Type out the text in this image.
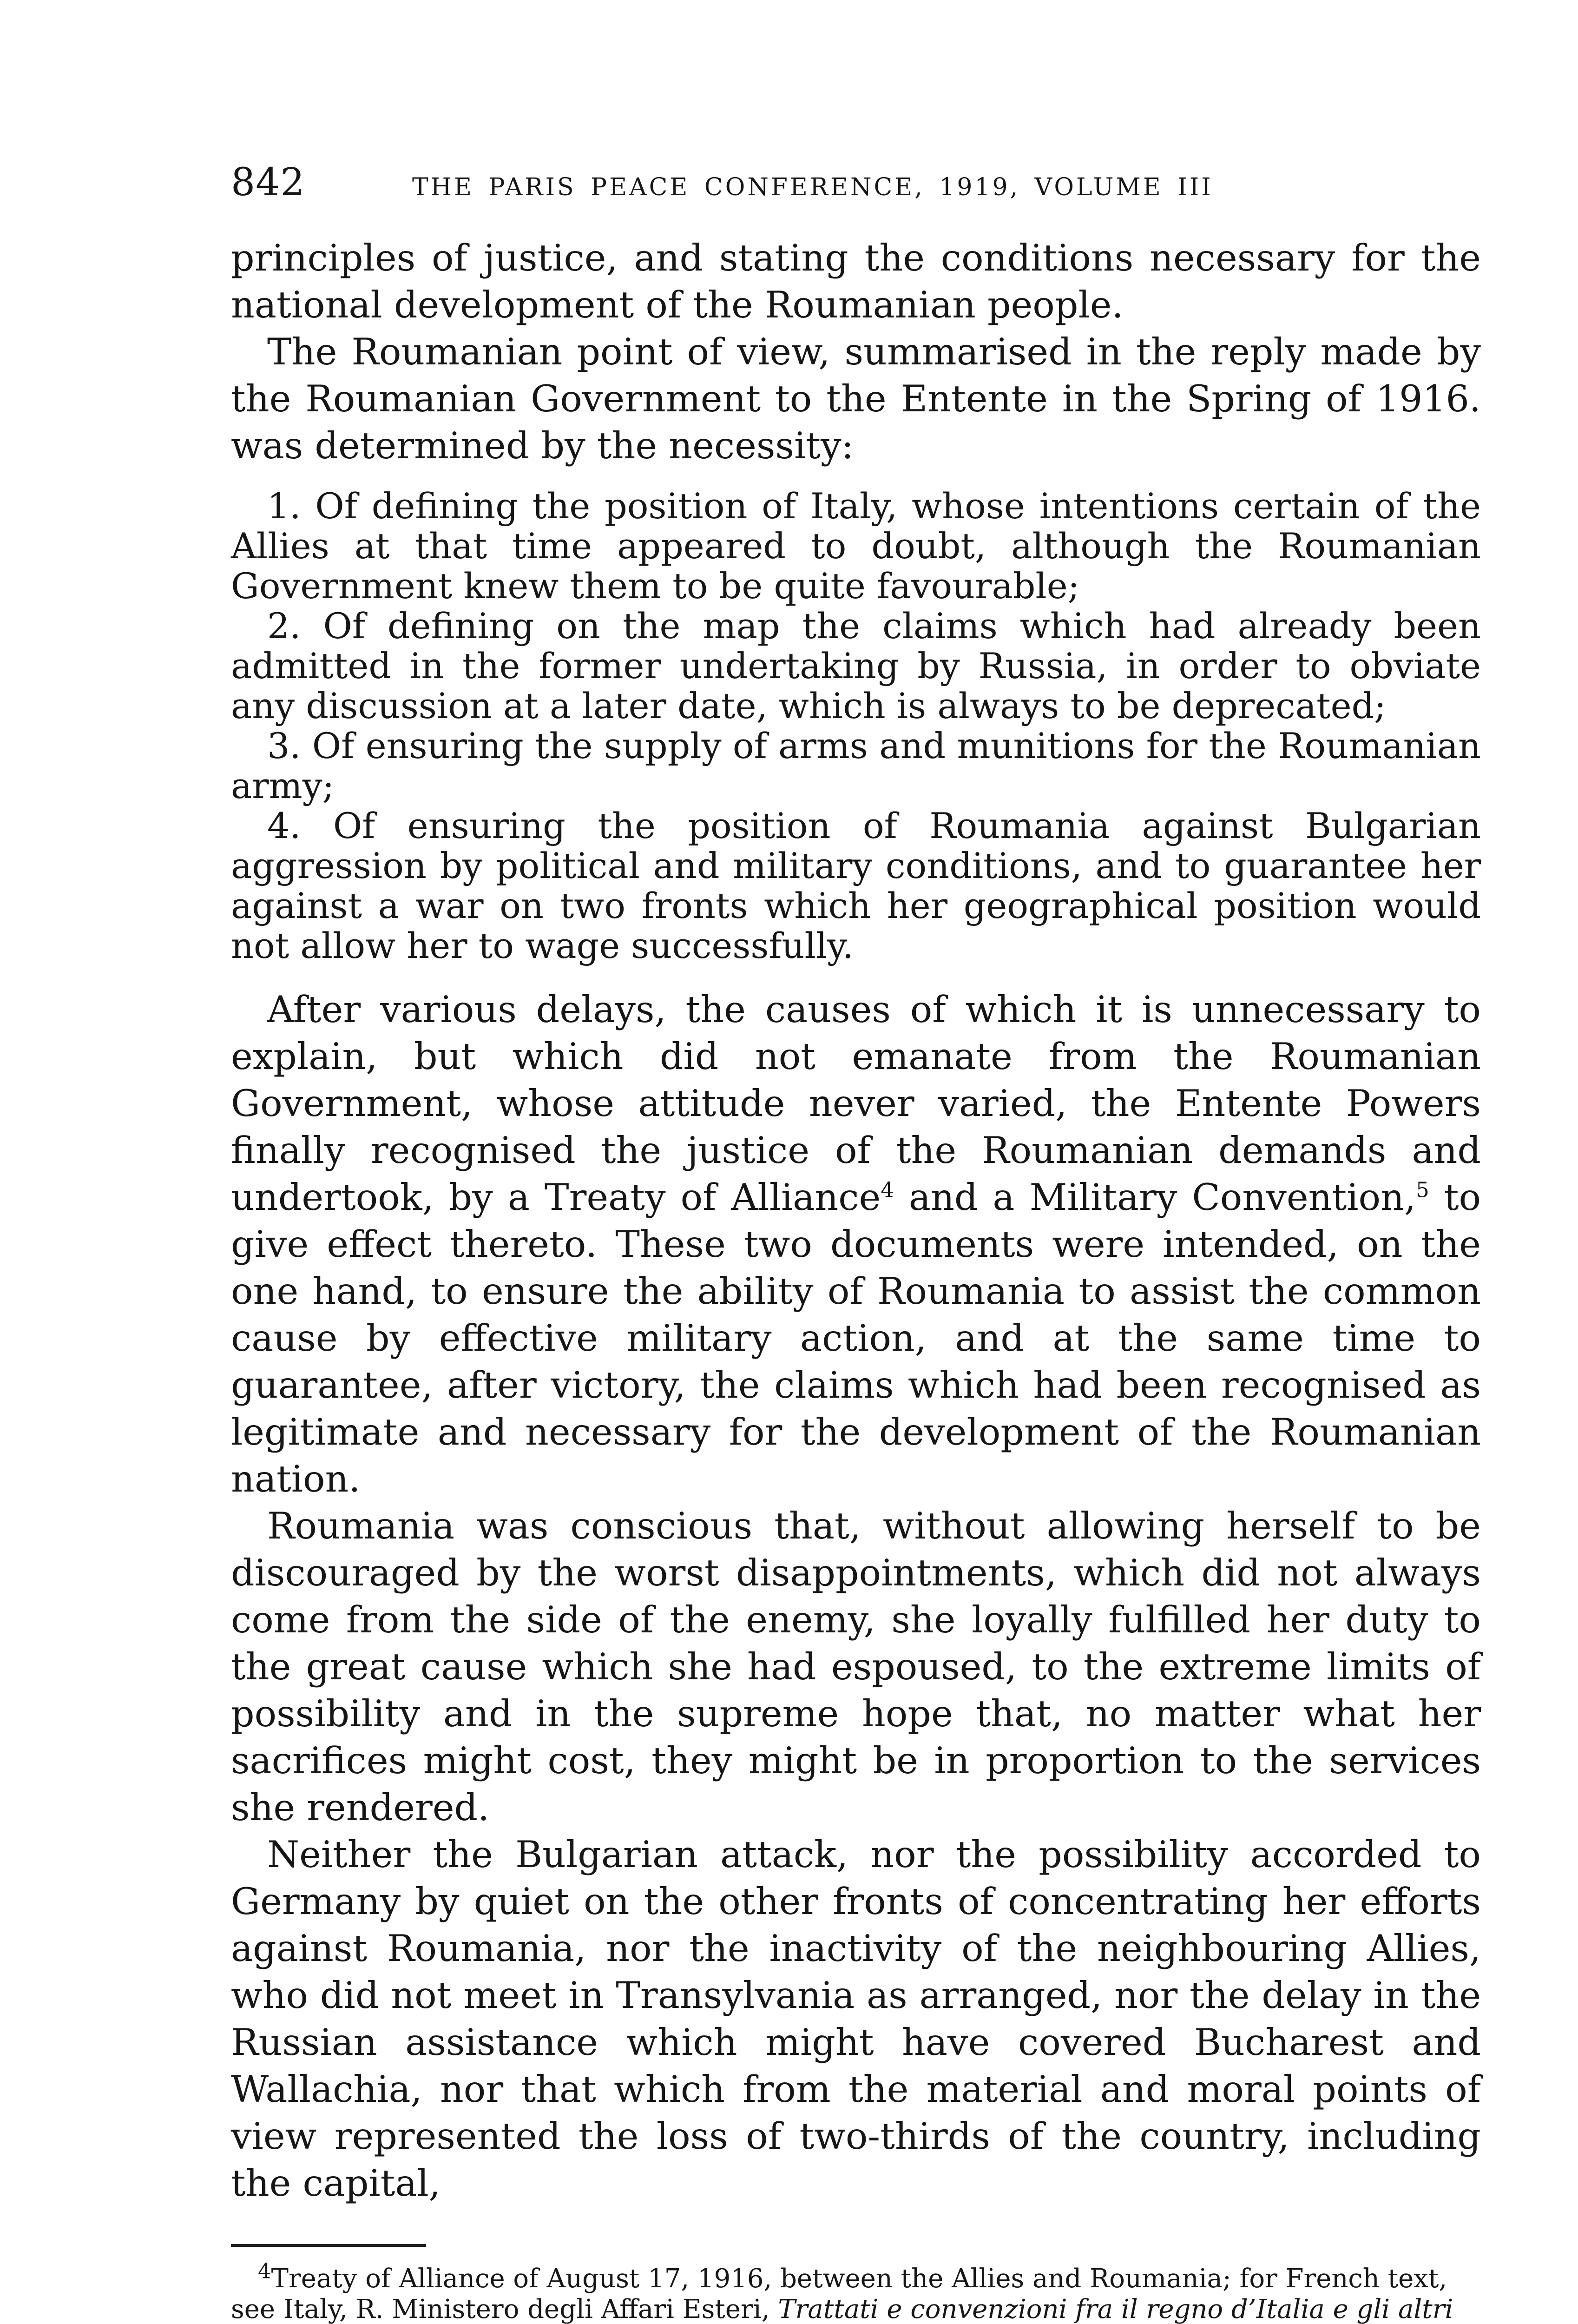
842	THE PARIS PEACE CONFERENCE, 1919, VOLUME III

principles of justice, and stating the conditions necessary for the national development of the Roumanian people.

The Roumanian point of view, summarised in the reply made by the Roumanian Government to the Entente in the Spring of 1916. was determined by the necessity:

1. Of defining the position of Italy, whose intentions certain of the Allies at that time appeared to doubt, although the Roumanian Government knew them to be quite favourable;

2. Of defining on the map the claims which had already been admitted in the former undertaking by Russia, in order to obviate any discussion at a later date, which is always to be deprecated;

3. Of ensuring the supply of arms and munitions for the Roumanian army;

4. Of ensuring the position of Roumania against Bulgarian aggression by political and military conditions, and to guarantee her against a war on two fronts which her geographical position would not allow her to wage successfully.

After various delays, the causes of which it is unnecessary to explain, but which did not emanate from the Roumanian Government, whose attitude never varied, the Entente Powers finally recognised the justice of the Roumanian demands and undertook, by a Treaty of Alliance$^4$ and a Military Convention,$^5$ to give effect thereto. These two documents were intended, on the one hand, to ensure the ability of Roumania to assist the common cause by effective military action, and at the same time to guarantee, after victory, the claims which had been recognised as legitimate and necessary for the development of the Roumanian nation.

Roumania was conscious that, without allowing herself to be discouraged by the worst disappointments, which did not always come from the side of the enemy, she loyally fulfilled her duty to the great cause which she had espoused, to the extreme limits of possibility and in the supreme hope that, no matter what her sacrifices might cost, they might be in proportion to the services she rendered.

Neither the Bulgarian attack, nor the possibility accorded to Germany by quiet on the other fronts of concentrating her efforts against Roumania, nor the inactivity of the neighbouring Allies, who did not meet in Transylvania as arranged, nor the delay in the Russian assistance which might have covered Bucharest and Wallachia, nor that which from the material and moral points of view represented the loss of two-thirds of the country, including the capital,

$^4$Treaty of Alliance of August 17, 1916, between the Allies and Roumania; for French text, see Italy, R. Ministero degli Affari Esteri, Trattati e convenzioni fra il regno d’Italia e gli altri
